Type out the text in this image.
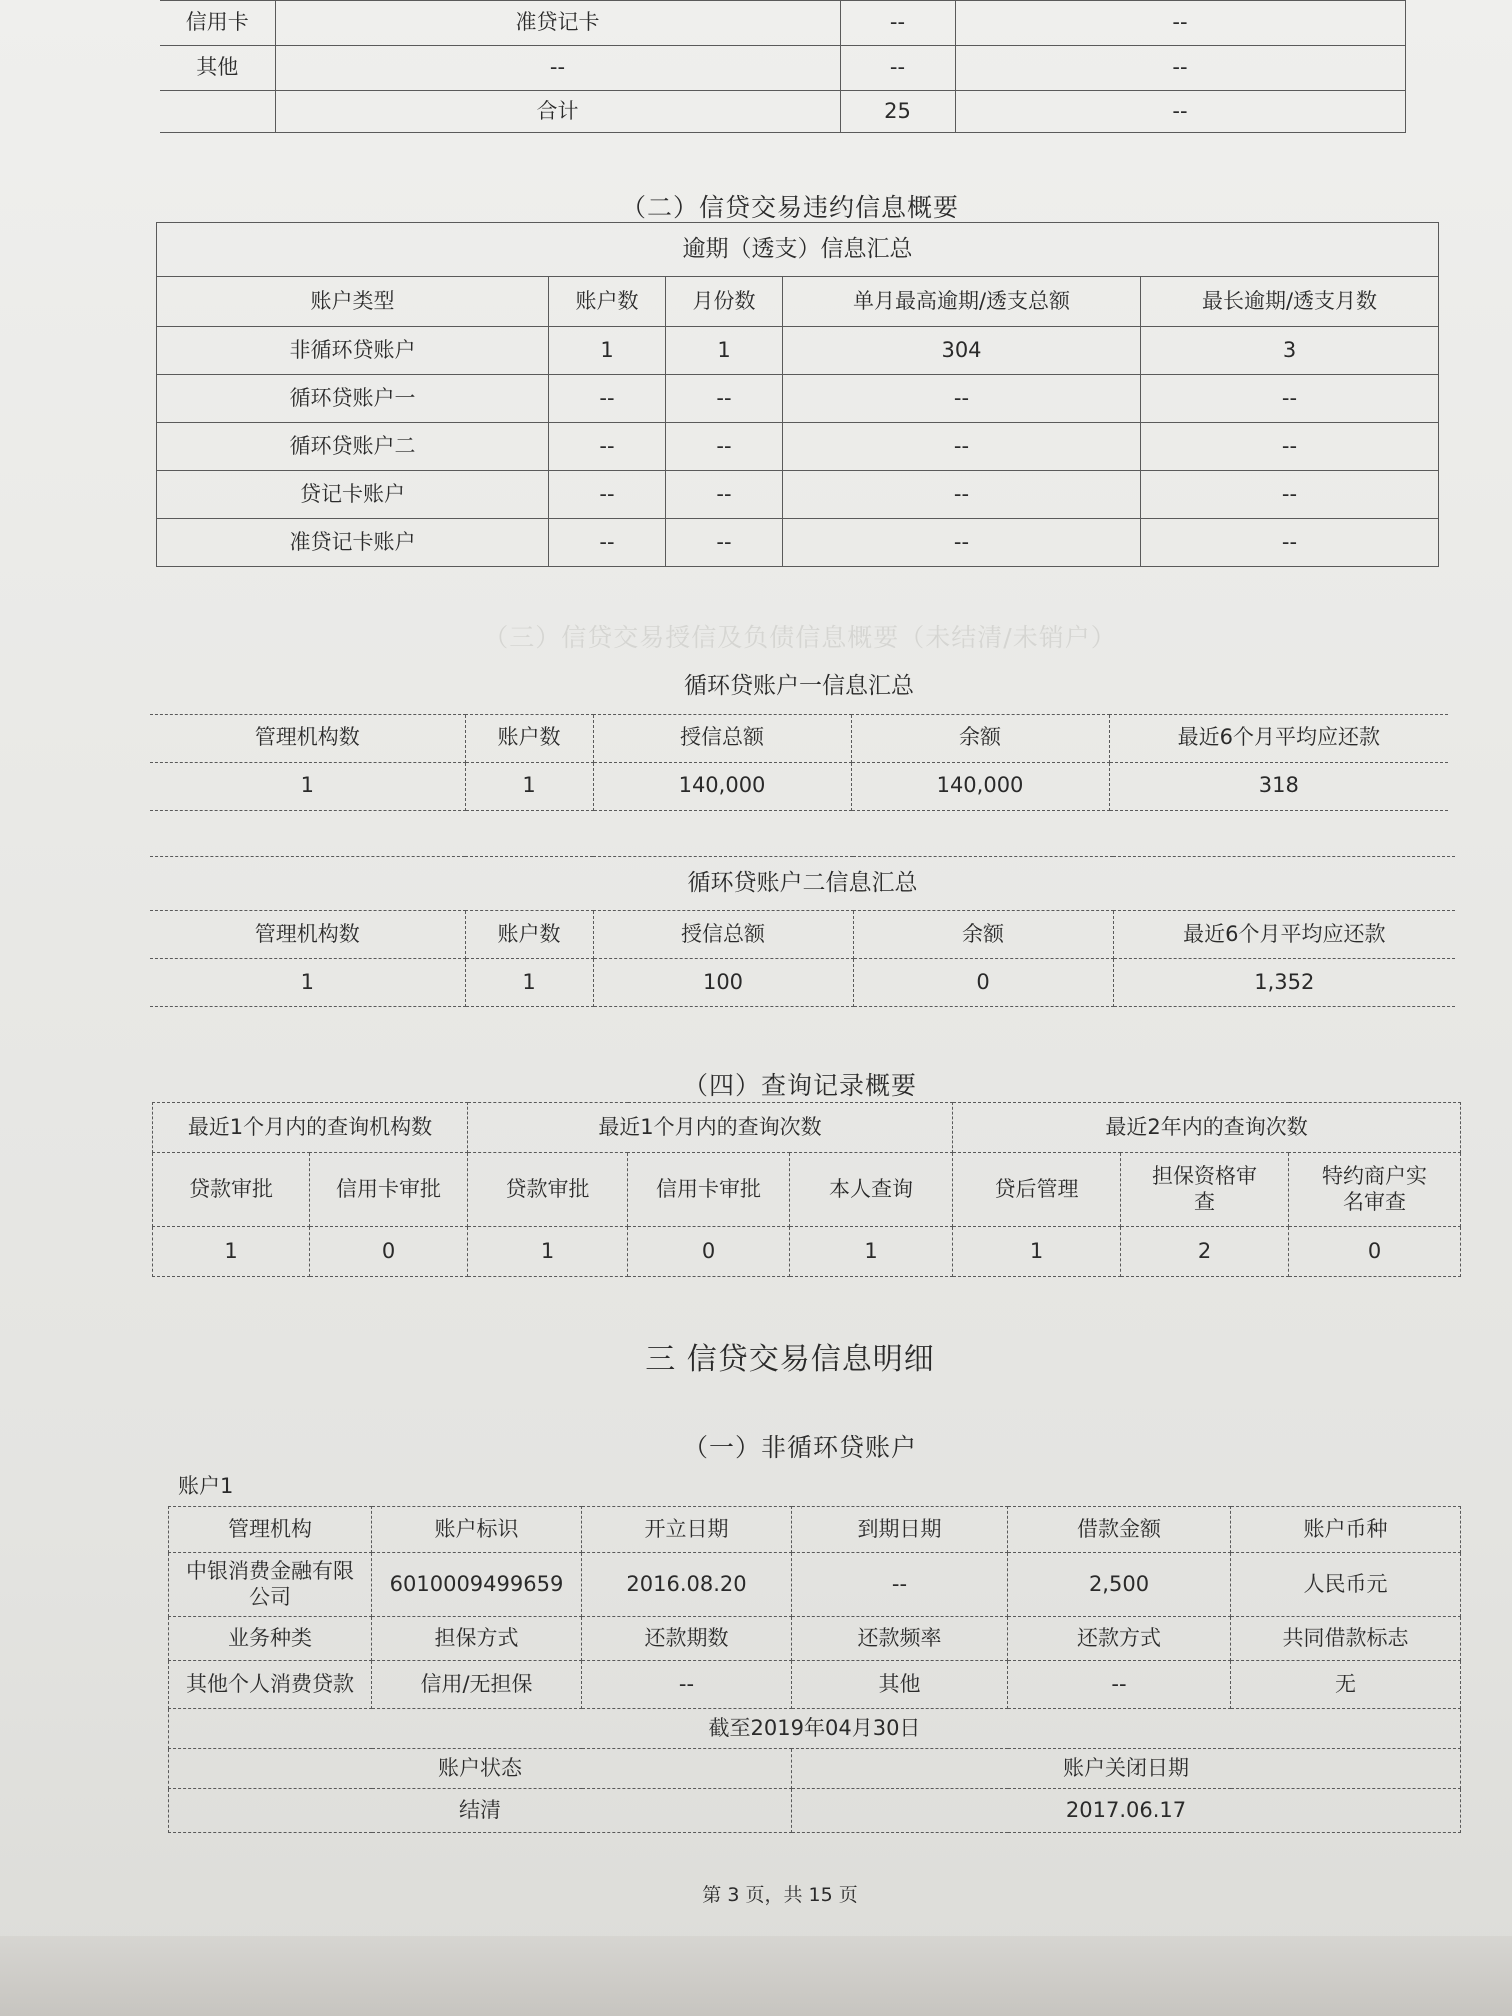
信用卡	准贷记卡	--	--
其他	--	--	--
	合计	25	--
（二）信贷交易违约信息概要
逾期（透支）信息汇总				
账户类型	账户数	月份数	单月最高逾期/透支总额	最长逾期/透支月数
非循环贷账户	1	1	304	3
循环贷账户一	--	--	--	--
循环贷账户二	--	--	--	--
贷记卡账户	--	--	--	--
准贷记卡账户	--	--	--	--
（三）信贷交易授信及负债信息概要（未结清/未销户）
循环贷账户一信息汇总				
管理机构数	账户数	授信总额	余额	最近6个月平均应还款
1	1	140,000	140,000	318
循环贷账户二信息汇总				
管理机构数	账户数	授信总额	余额	最近6个月平均应还款
1	1	100	0	1,352
（四）查询记录概要
最近1个月内的查询机构数		最近1个月内的查询次数			最近2年内的查询次数		
贷款审批	信用卡审批	贷款审批	信用卡审批	本人查询	贷后管理	担保资格审查	特约商户实名审查
1	0	1	0	1	1	2	0
三 信贷交易信息明细
（一）非循环贷账户
账户1
管理机构	账户标识	开立日期	到期日期	借款金额	账户币种
中银消费金融有限公司	6010009499659	2016.08.20	--	2,500	人民币元
业务种类	担保方式	还款期数	还款频率	还款方式	共同借款标志
其他个人消费贷款	信用/无担保	--	其他	--	无
截至2019年04月30日					
账户状态			账户关闭日期		
结清			2017.06.17		
第 3 页，共 15 页
